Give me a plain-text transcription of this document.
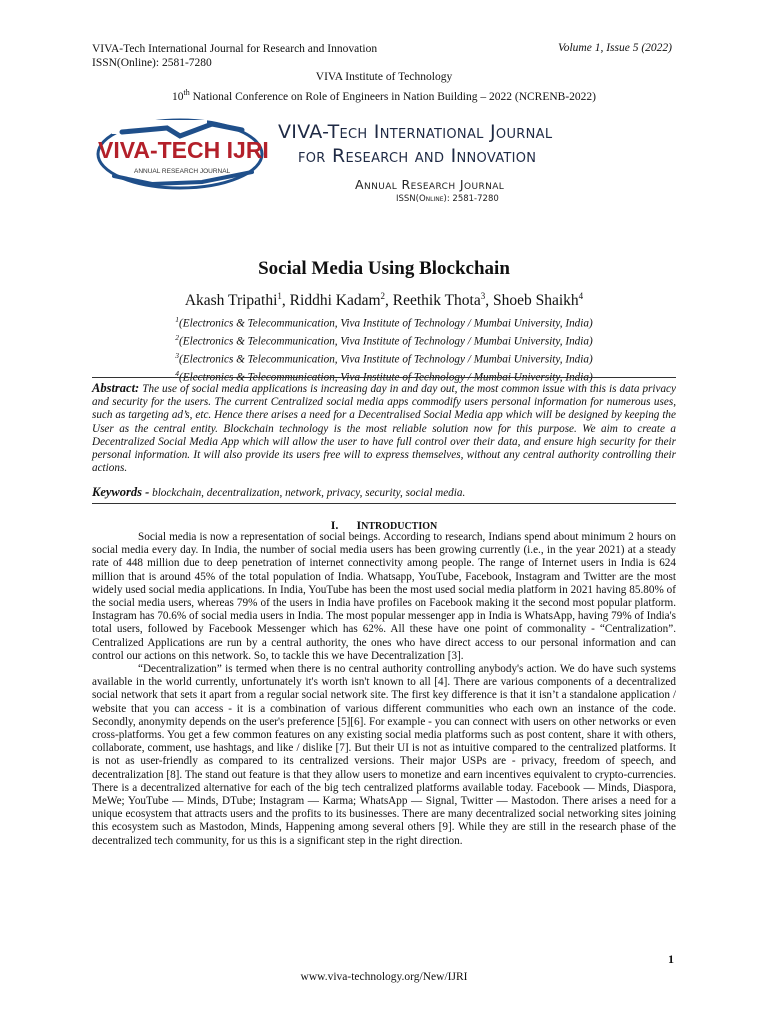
VIVA-Tech International Journal for Research and Innovation
ISSN(Online): 2581-7280
Volume 1, Issue 5 (2022)
VIVA Institute of Technology
10th National Conference on Role of Engineers in Nation Building – 2022 (NCRENB-2022)
VIVA-TECH IJRI
ANNUAL RESEARCH JOURNAL
VIVA-Tech International Journal
for Research and Innovation
Annual Research Journal
ISSN(Online): 2581-7280
Social Media Using Blockchain
Akash Tripathi$^1$, Riddhi Kadam$^2$, Reethik Thota$^3$, Shoeb Shaikh$^4$
$^1$(Electronics & Telecommunication, Viva Institute of Technology / Mumbai University, India)
$^2$(Electronics & Telecommunication, Viva Institute of Technology / Mumbai University, India)
$^3$(Electronics & Telecommunication, Viva Institute of Technology / Mumbai University, India)
$^4$(Electronics & Telecommunication, Viva Institute of Technology / Mumbai University, India)
Abstract: The use of social media applications is increasing day in and day out, the most common issue with this is data privacy and security for the users. The current Centralized social media apps commodify users personal information for numerous uses, such as targeting ad’s, etc. Hence there arises a need for a Decentralised Social Media app which will be designed by keeping the User as the central entity. Blockchain technology is the most reliable solution now for this purpose. We aim to create a Decentralized Social Media App which will allow the user to have full control over their data, and ensure high security for their personal information. It will also provide its users free will to express themselves, without any central authority controlling their actions.
Keywords - blockchain, decentralization, network, privacy, security, social media.
I. INTRODUCTION

Social media is now a representation of social beings. According to research, Indians spend about minimum 2 hours on social media every day. In India, the number of social media users has been growing currently (i.e., in the year 2021) at a steady rate of 448 million due to deep penetration of internet connectivity among people. The range of Internet users in India is 624 million that is around 45% of the total population of India. Whatsapp, YouTube, Facebook, Instagram and Twitter are the most widely used social media applications. In India, YouTube has been the most used social media platform in 2021 having 85.80% of the social media users, whereas 79% of the users in India have profiles on Facebook making it the second most popular platform. Instagram has 70.6% of social media users in India. The most popular messenger app in India is WhatsApp, having 79% of India's total users, followed by Facebook Messenger which has 62%. All these have one point of commonality - “Centralization”. Centralized Applications are run by a central authority, the ones who have direct access to our personal information and can control our actions on this network. So, to tackle this we have Decentralization [3].

“Decentralization” is termed when there is no central authority controlling anybody's action. We do have such systems available in the world currently, unfortunately it's worth isn't known to all [4]. There are various components of a decentralized social network that sets it apart from a regular social network site. The first key difference is that it isn’t a standalone application / website that you can access - it is a combination of various different communities who each own an instance of the code. Secondly, anonymity depends on the user's preference [5][6]. For example - you can connect with users on other networks or even cross-platforms. You get a few common features on any existing social media platforms such as post content, share it with others, collaborate, comment, use hashtags, and like / dislike [7]. But their UI is not as intuitive compared to the centralized platforms. It is not as user-friendly as compared to its centralized versions. Their major USPs are - privacy, freedom of speech, and decentralization [8]. The stand out feature is that they allow users to monetize and earn incentives equivalent to crypto-currencies. There is a decentralized alternative for each of the big tech centralized platforms available today. Facebook — Minds, Diaspora, MeWe; YouTube — Minds, DTube; Instagram — Karma; WhatsApp — Signal, Twitter — Mastodon. There arises a need for a unique ecosystem that attracts users and the profits to its businesses. There are many decentralized social networking sites joining this ecosystem such as Mastodon, Minds, Happening among several others [9]. While they are still in the research phase of the decentralized tech community, for us this is a significant step in the right direction.

1
www.viva-technology.org/New/IJRI
